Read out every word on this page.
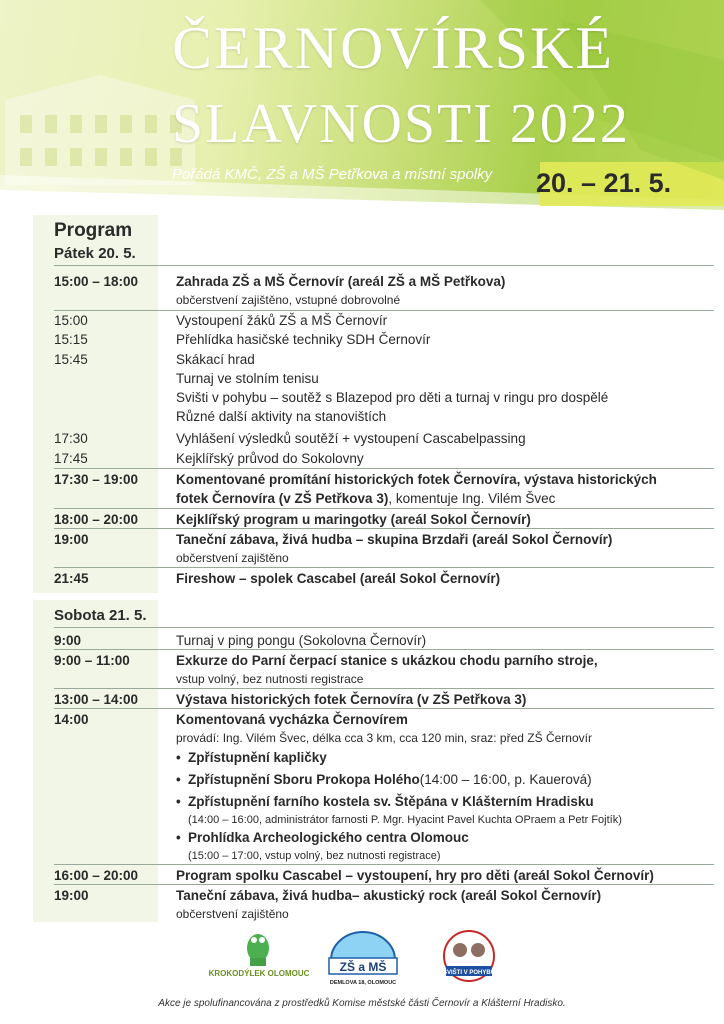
ČERNOVÍRSKÉ
SLAVNOSTI 2022
Pořádá KMČ, ZŠ a MŠ Petřkova a místní spolky 20. – 21. 5.
Program
Pátek 20. 5.
15:00 – 18:00	Zahrada ZŠ a MŠ Černovír (areál ZŠ a MŠ Petřkova)
občerstvení zajištěno, vstupné dobrovolné
15:00	Vystoupení žáků ZŠ a MŠ Černovír
15:15	Přehlídka hasičské techniky SDH Černovír
15:45	Skákací hrad
Turnaj ve stolním tenisu
Svišti v pohybu – soutěž s Blazepod pro děti a turnaj v ringu pro dospělé
Různé další aktivity na stanovištích
17:30	Vyhlášení výsledků soutěží + vystoupení Cascabelpassing
17:45	Kejklířský průvod do Sokolovny
17:30 – 19:00	Komentované promítání historických fotek Černovíra, výstava historických
fotek Černovíra (v ZŠ Petřkova 3), komentuje Ing. Vilém Švec
18:00 – 20:00	Kejklířský program u maringotky (areál Sokol Černovír)
19:00	Taneční zábava, živá hudba – skupina Brzdaři (areál Sokol Černovír)
občerstvení zajištěno
21:45	Fireshow – spolek Cascabel (areál Sokol Černovír)
Sobota 21. 5.
9:00	Turnaj v ping pongu (Sokolovna Černovír)
9:00 – 11:00	Exkurze do Parní čerpací stanice s ukázkou chodu parního stroje,
vstup volný, bez nutnosti registrace
13:00 – 14:00	Výstava historických fotek Černovíra (v ZŠ Petřkova 3)
14:00	Komentovaná vycházka Černovírem
provádí: Ing. Vilém Švec, délka cca 3 km, cca 120 min, sraz: před ZŠ Černovír
• Zpřístupnění kapličky
• Zpřístupnění Sboru Prokopa Holého(14:00 – 16:00, p. Kauerová)
• Zpřístupnění farního kostela sv. Štěpána v Klášterním Hradisku
(14:00 – 16:00, administrátor farnosti P. Mgr. Hyacint Pavel Kuchta OPraem a Petr Fojtík)
• Prohlídka Archeologického centra Olomouc
(15:00 – 17:00, vstup volný, bez nutnosti registrace)
16:00 – 20:00	Program spolku Cascabel – vystoupení, hry pro děti (areál Sokol Černovír)
19:00	Taneční zábava, živá hudba– akustický rock (areál Sokol Černovír)
občerstvení zajištěno
KROKODÝLEK OLOMOUC	ZŠ a MŠ
DEMLOVA 18, OLOMOUC
SVIŠTI V POHYBU
Akce je spolufinancována z prostředků Komise městské části Černovír a Klášterní Hradisko.
